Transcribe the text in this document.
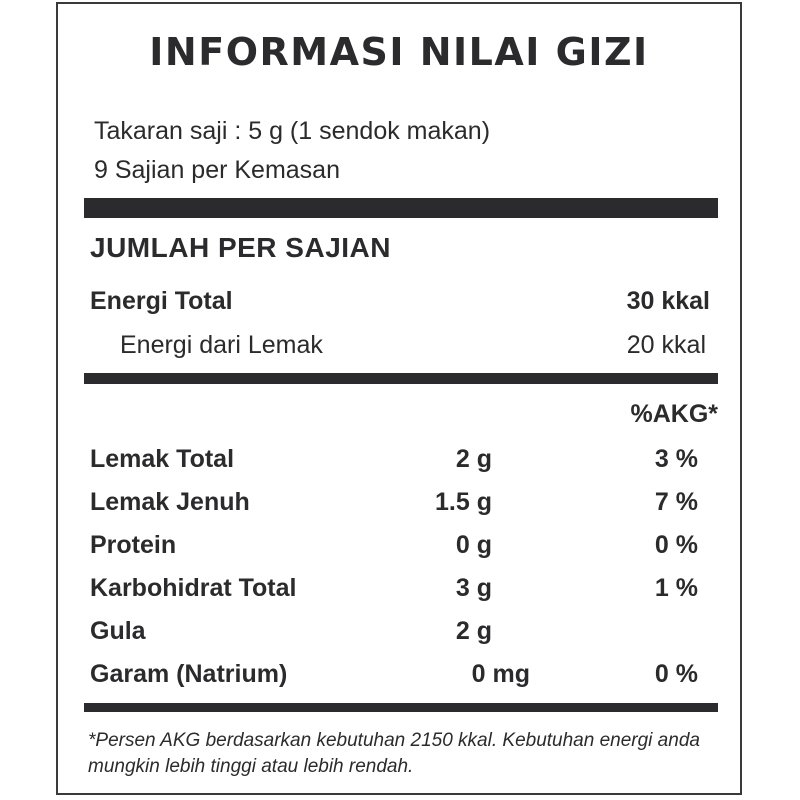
INFORMASI NILAI GIZI
Takaran saji : 5 g (1 sendok makan)
9 Sajian per Kemasan
JUMLAH PER SAJIAN
Energi Total	30 kkal
Energi dari Lemak	20 kkal
%AKG*
Lemak Total	2 g	3 %
Lemak Jenuh	1.5 g	7 %
Protein	0 g	0 %
Karbohidrat Total	3 g	1 %
Gula	2 g
Garam (Natrium)	0 mg	0 %
*Persen AKG berdasarkan kebutuhan 2150 kkal. Kebutuhan energi anda mungkin lebih tinggi atau lebih rendah.
